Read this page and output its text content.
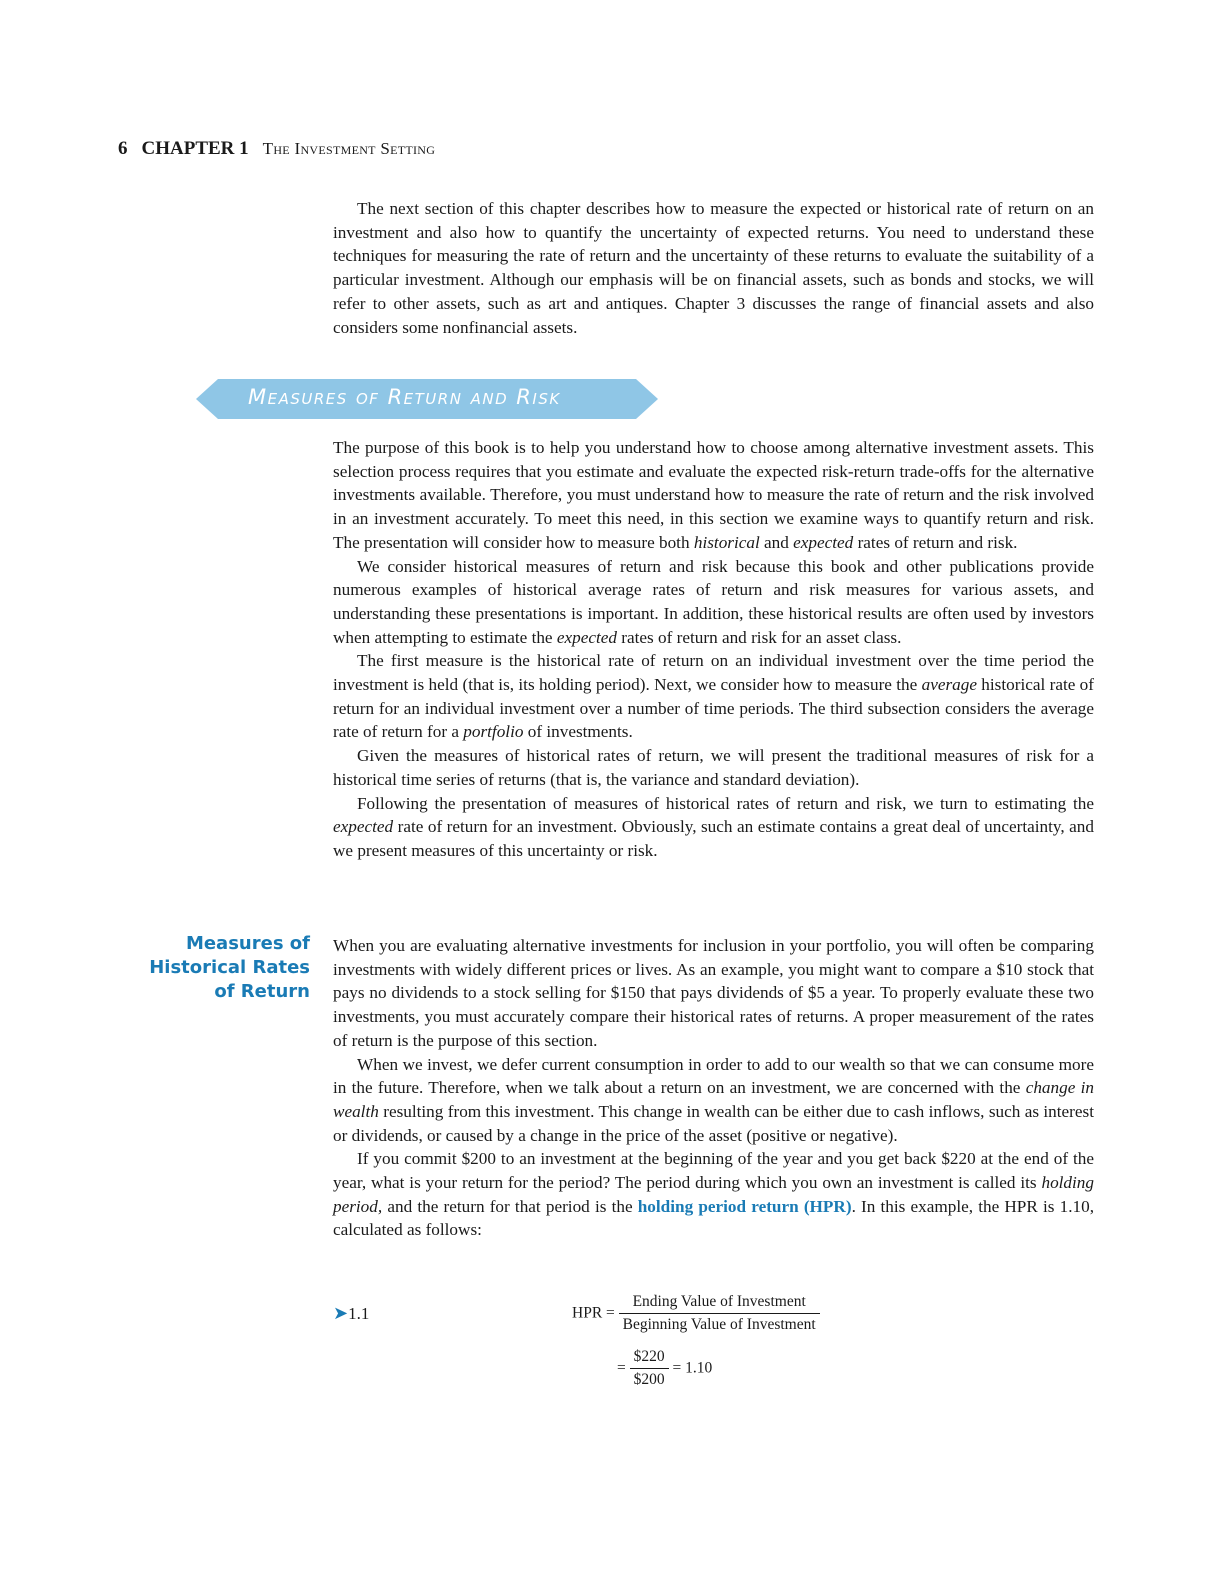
6 CHAPTER 1 The Investment Setting

The next section of this chapter describes how to measure the expected or historical rate of return on an investment and also how to quantify the uncertainty of expected returns. You need to understand these techniques for measuring the rate of return and the uncertainty of these returns to evaluate the suitability of a particular investment. Although our emphasis will be on financial assets, such as bonds and stocks, we will refer to other assets, such as art and antiques. Chapter 3 discusses the range of financial assets and also considers some nonfinancial assets.

Measures of Return and Risk

The purpose of this book is to help you understand how to choose among alternative investment assets. This selection process requires that you estimate and evaluate the expected risk-return trade-offs for the alternative investments available. Therefore, you must understand how to measure the rate of return and the risk involved in an investment accurately. To meet this need, in this section we examine ways to quantify return and risk. The presentation will consider how to measure both historical and expected rates of return and risk.

We consider historical measures of return and risk because this book and other publications provide numerous examples of historical average rates of return and risk measures for various assets, and understanding these presentations is important. In addition, these historical results are often used by investors when attempting to estimate the expected rates of return and risk for an asset class.

The first measure is the historical rate of return on an individual investment over the time period the investment is held (that is, its holding period). Next, we consider how to measure the average historical rate of return for an individual investment over a number of time periods. The third subsection considers the average rate of return for a portfolio of investments.

Given the measures of historical rates of return, we will present the traditional measures of risk for a historical time series of returns (that is, the variance and standard deviation).

Following the presentation of measures of historical rates of return and risk, we turn to estimating the expected rate of return for an investment. Obviously, such an estimate contains a great deal of uncertainty, and we present measures of this uncertainty or risk.

Measures of
Historical Rates
of Return

When you are evaluating alternative investments for inclusion in your portfolio, you will often be comparing investments with widely different prices or lives. As an example, you might want to compare a $10 stock that pays no dividends to a stock selling for $150 that pays dividends of $5 a year. To properly evaluate these two investments, you must accurately compare their historical rates of returns. A proper measurement of the rates of return is the purpose of this section.

When we invest, we defer current consumption in order to add to our wealth so that we can consume more in the future. Therefore, when we talk about a return on an investment, we are concerned with the change in wealth resulting from this investment. This change in wealth can be either due to cash inflows, such as interest or dividends, or caused by a change in the price of the asset (positive or negative).

If you commit $200 to an investment at the beginning of the year and you get back $220 at the end of the year, what is your return for the period? The period during which you own an investment is called its holding period, and the return for that period is the holding period return (HPR). In this example, the HPR is 1.10, calculated as follows:

➤1.1	HPR = $\frac{\text{Ending Value of Investment}}{\text{Beginning Value of Investment}}$
= $\frac{\$220}{\$200} = 1.10$
